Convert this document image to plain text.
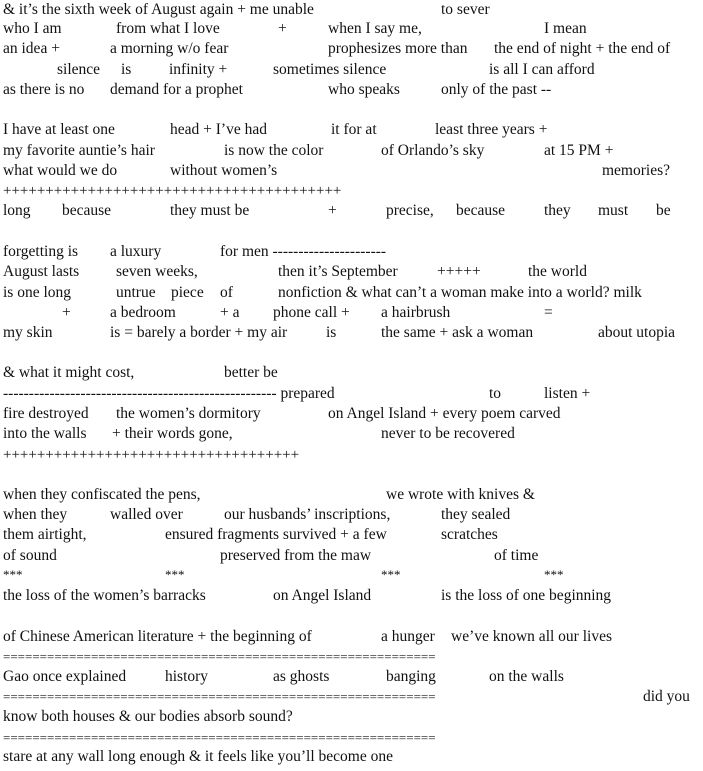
& it’s the sixth week of August again + me unable	to sever
who I am	from what I love	+	when I say me,	I mean
an idea +	a morning w/o fear	prophesizes more than the end of night + the end of
silence is infinity +	sometimes silence	is all I can afford
as there is no demand for a prophet	who speaks	only of the past --
I have at least one	head + I’ve had	it for at	least three years +
my favorite auntie’s hair	is now the color	of Orlando’s sky	at 15 PM +
what would we do	without women’s	memories?
++++++++++++++++++++++++++++++++++++++++
long because	they must be	+	precise, because	they must be
forgetting is a luxury	for men ----------------------
August lasts seven weeks,	then it’s September	+++++	the world
is one long	untrue piece of	nonfiction & what can’t a woman make into a world? milk
+	a bedroom	+ a phone call + a hairbrush	=
my skin	is = barely a border + my air	is	the same + ask a woman	about utopia
& what it might cost,	better be
----------------------------------------------------- prepared	to	listen +
fire destroyed the women’s dormitory	on Angel Island + every poem carved
into the walls + their words gone,	never to be recovered
+++++++++++++++++++++++++++++++++++
when they confiscated the pens,	we wrote with knives &
when they	walled over	our husbands’ inscriptions,	they sealed
them airtight,	ensured fragments survived + a few	scratches
of sound	preserved from the maw	of time
***	***	***	***
the loss of the women’s barracks	on Angel Island	is the loss of one beginning
of Chinese American literature + the beginning of	a hunger we’ve known all our lives
===========================================================
Gao once explained	history	as ghosts	banging	on the walls
===========================================================	did you
know both houses & our bodies absorb sound?
===========================================================
stare at any wall long enough & it feels like you’ll become one
